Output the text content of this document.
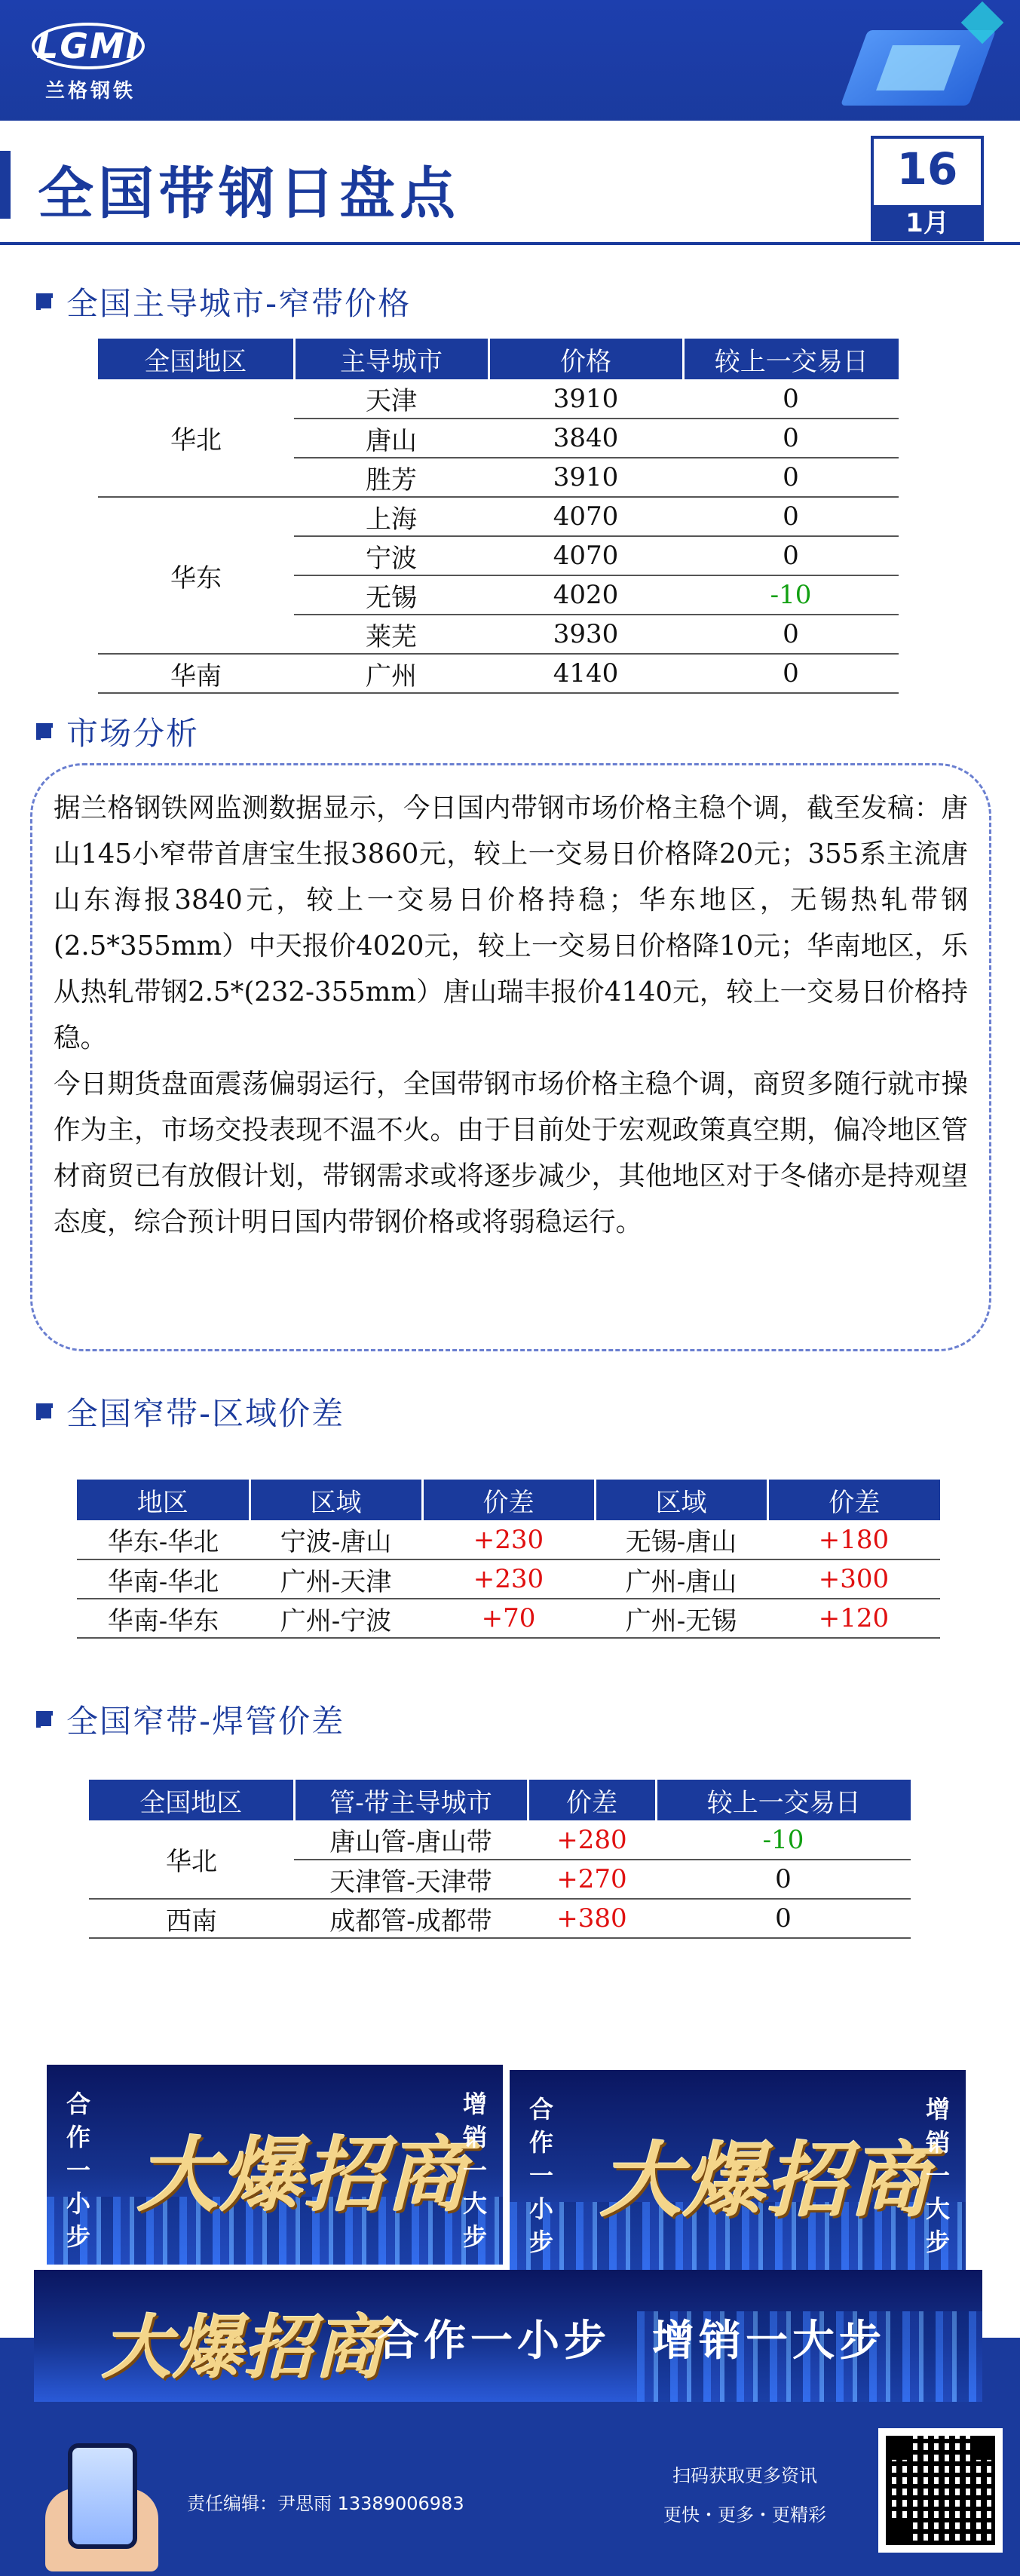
LGMI
兰格钢铁
全国带钢日盘点	16
1月
全国主导城市-窄带价格
全国地区	主导城市	价格	较上一交易日
华北	天津	3910	0
	唐山	3840	0
	胜芳	3910	0
华东	上海	4070	0
	宁波	4070	0
	无锡	4020	-10
	莱芜	3930	0
华南	广州	4140	0
市场分析

据兰格钢铁网监测数据显示，今日国内带钢市场价格主稳个调，截至发稿：唐山145小窄带首唐宝生报3860元，较上一交易日价格降20元；355系主流唐山东海报3840元，较上一交易日价格持稳；华东地区，无锡热轧带钢(2.5*355mm）中天报价4020元，较上一交易日价格降10元；华南地区，乐从热轧带钢2.5*(232-355mm）唐山瑞丰报价4140元，较上一交易日价格持稳。

今日期货盘面震荡偏弱运行，全国带钢市场价格主稳个调，商贸多随行就市操作为主，市场交投表现不温不火。由于目前处于宏观政策真空期，偏冷地区管材商贸已有放假计划，带钢需求或将逐步减少，其他地区对于冬储亦是持观望态度，综合预计明日国内带钢价格或将弱稳运行。

全国窄带-区域价差
地区	区域	价差	区域	价差
华东-华北	宁波-唐山	+230	无锡-唐山	+180
华南-华北	广州-天津	+230	广州-唐山	+300
华南-华东	广州-宁波	+70	广州-无锡	+120
全国窄带-焊管价差
全国地区	管-带主导城市	价差	较上一交易日
华北	唐山管-唐山带	+280	-10
	天津管-天津带	+270	0
西南	成都管-成都带	+380	0
合作一小步
大爆招商
增销一大步
合作一小步
大爆招商
增销一大步
大爆招商
合作一小步 增销一大步
责任编辑：尹思雨 13389006983
扫码获取更多资讯
更快・更多・更精彩
